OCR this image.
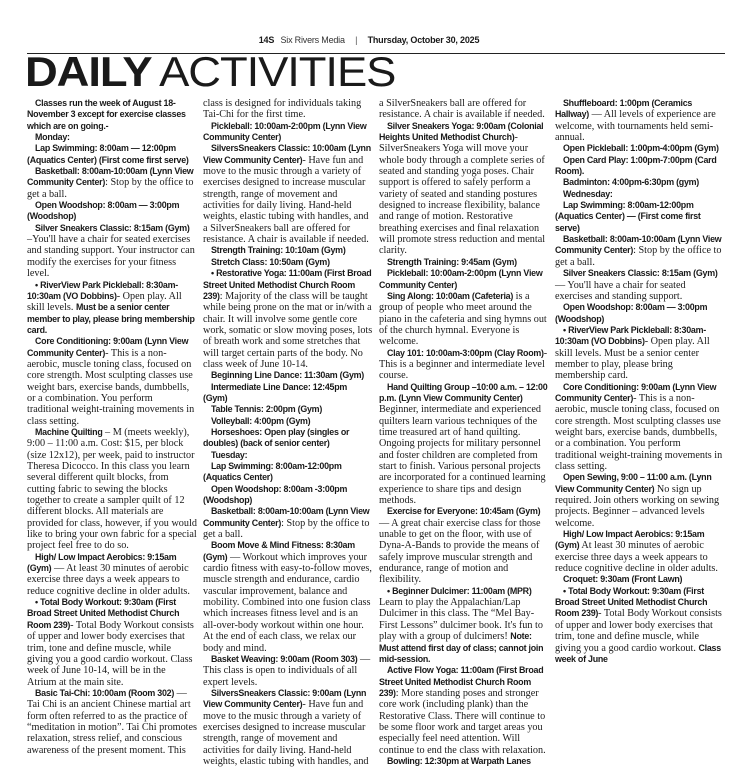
14S Six Rivers Media | Thursday, October 30, 2025
DAILY ACTIVITIES

Classes run the week of August 18-November 3 except for exercise classes which are on going.-

Monday:

Lap Swimming: 8:00am — 12:00pm (Aquatics Center) (First come first serve)

Basketball: 8:00am-10:00am (Lynn View Community Center): Stop by the office to get a ball.

Open Woodshop: 8:00am — 3:00pm (Woodshop)

Silver Sneakers Classic: 8:15am (Gym) –You'll have a chair for seated exercises and standing support. Your instructor can modify the exercises for your fitness level.

• RiverView Park Pickleball: 8:30am-10:30am (VO Dobbins)- Open play. All skill levels. Must be a senior center member to play, please bring membership card.

Core Conditioning: 9:00am (Lynn View Community Center)- This is a non-aerobic, muscle toning class, focused on core strength. Most sculpting classes use weight bars, exercise bands, dumbbells, or a combination. You perform traditional weight-training movements in class setting.

Machine Quilting – M (meets weekly), 9:00 – 11:00 a.m. Cost: $15, per block (size 12x12), per week, paid to instructor Theresa Dicocco. In this class you learn several different quilt blocks, from cutting fabric to sewing the blocks together to create a sampler quilt of 12 different blocks. All materials are provided for class, however, if you would like to bring your own fabric for a special project feel free to do so.

High/ Low Impact Aerobics: 9:15am (Gym) — At least 30 minutes of aerobic exercise three days a week appears to reduce cognitive decline in older adults.

• Total Body Workout: 9:30am (First Broad Street United Methodist Church Room 239)- Total Body Workout consists of upper and lower body exercises that trim, tone and define muscle, while giving you a good cardio workout. Class week of June 10-14, will be in the Atrium at the main site.

Basic Tai-Chi: 10:00am (Room 302) — Tai Chi is an ancient Chinese martial art form often referred to as the practice of “meditation in motion”. Tai Chi promotes relaxation, stress relief, and conscious awareness of the present moment. This class is designed for individuals taking Tai-Chi for the first time.

Pickleball: 10:00am-2:00pm (Lynn View Community Center)

SilversSneakers Classic: 10:00am (Lynn View Community Center)- Have fun and move to the music through a variety of exercises designed to increase muscular strength, range of movement and activities for daily living. Hand-held weights, elastic tubing with handles, and a SilverSneakers ball are offered for resistance. A chair is available if needed.

Strength Training: 10:10am (Gym)

Stretch Class: 10:50am (Gym)

• Restorative Yoga: 11:00am (First Broad Street United Methodist Church Room 239): Majority of the class will be taught while being prone on the mat or in/with a chair. It will involve some gentle core work, somatic or slow moving poses, lots of breath work and some stretches that will target certain parts of the body. No class week of June 10-14.

Beginning Line Dance: 11:30am (Gym)

Intermediate Line Dance: 12:45pm (Gym)

Table Tennis: 2:00pm (Gym)

Volleyball: 4:00pm (Gym)

Horseshoes: Open play (singles or doubles) (back of senior center)

Tuesday:

Lap Swimming: 8:00am-12:00pm (Aquatics Center)

Open Woodshop: 8:00am -3:00pm (Woodshop)

Basketball: 8:00am-10:00am (Lynn View Community Center): Stop by the office to get a ball.

Boom Move & Mind Fitness: 8:30am (Gym) — Workout which improves your cardio fitness with easy-to-follow moves, muscle strength and endurance, cardio vascular improvement, balance and mobility. Combined into one fusion class which increases fitness level and is an all-over-body workout within one hour. At the end of each class, we relax our body and mind.

Basket Weaving: 9:00am (Room 303) — This class is open to individuals of all expert levels.

SilversSneakers Classic: 9:00am (Lynn View Community Center)- Have fun and move to the music through a variety of exercises designed to increase muscular strength, range of movement and activities for daily living. Hand-held weights, elastic tubing with handles, and a SilverSneakers ball are offered for resistance. A chair is available if needed.

Silver Sneakers Yoga: 9:00am (Colonial Heights United Methodist Church)- SilverSneakers Yoga will move your whole body through a complete series of seated and standing yoga poses. Chair support is offered to safely perform a variety of seated and standing postures designed to increase flexibility, balance and range of motion. Restorative breathing exercises and final relaxation will promote stress reduction and mental clarity.

Strength Training: 9:45am (Gym)

Pickleball: 10:00am-2:00pm (Lynn View Community Center)

Sing Along: 10:00am (Cafeteria) is a group of people who meet around the piano in the cafeteria and sing hymns out of the church hymnal. Everyone is welcome.

Clay 101: 10:00am-3:00pm (Clay Room)- This is a beginner and intermediate level course.

Hand Quilting Group –10:00 a.m. – 12:00 p.m. (Lynn View Community Center) Beginner, intermediate and experienced quilters learn various techniques of the time treasured art of hand quilting. Ongoing projects for military personnel and foster children are completed from start to finish. Various personal projects are incorporated for a continued learning experience to share tips and design methods.

Exercise for Everyone: 10:45am (Gym) — A great chair exercise class for those unable to get on the floor, with use of Dyna-A-Bands to provide the means of safely improve muscular strength and endurance, range of motion and flexibility.

• Beginner Dulcimer: 11:00am (MPR) Learn to play the Appalachian/Lap Dulcimer in this class. The “Mel Bay-First Lessons” dulcimer book. It's fun to play with a group of dulcimers! Note: Must attend first day of class; cannot join mid-session.

Active Flow Yoga: 11:00am (First Broad Street United Methodist Church Room 239): More standing poses and stronger core work (including plank) than the Restorative Class. There will continue to be some floor work and target areas you especially feel need attention. Will continue to end the class with relaxation.

Bowling: 12:30pm at Warpath Lanes

Shuffleboard: 1:00pm (Ceramics Hallway) — All levels of experience are welcome, with tournaments held semi-annual.

Open Pickleball: 1:00pm-4:00pm (Gym)

Open Card Play: 1:00pm-7:00pm (Card Room).

Badminton: 4:00pm-6:30pm (gym)

Wednesday:

Lap Swimming: 8:00am-12:00pm (Aquatics Center) — (First come first serve)

Basketball: 8:00am-10:00am (Lynn View Community Center): Stop by the office to get a ball.

Silver Sneakers Classic: 8:15am (Gym) — You'll have a chair for seated exercises and standing support.

Open Woodshop: 8:00am — 3:00pm (Woodshop)

• RiverView Park Pickleball: 8:30am-10:30am (VO Dobbins)- Open play. All skill levels. Must be a senior center member to play, please bring membership card.

Core Conditioning: 9:00am (Lynn View Community Center)- This is a non-aerobic, muscle toning class, focused on core strength. Most sculpting classes use weight bars, exercise bands, dumbbells, or a combination. You perform traditional weight-training movements in class setting.

Open Sewing, 9:00 – 11:00 a.m. (Lynn View Community Center) No sign up required. Join others working on sewing projects. Beginner – advanced levels welcome.

High/ Low Impact Aerobics: 9:15am (Gym) At least 30 minutes of aerobic exercise three days a week appears to reduce cognitive decline in older adults.

Croquet: 9:30am (Front Lawn)

• Total Body Workout: 9:30am (First Broad Street United Methodist Church Room 239)- Total Body Workout consists of upper and lower body exercises that trim, tone and define muscle, while giving you a good cardio workout. Class week of June
